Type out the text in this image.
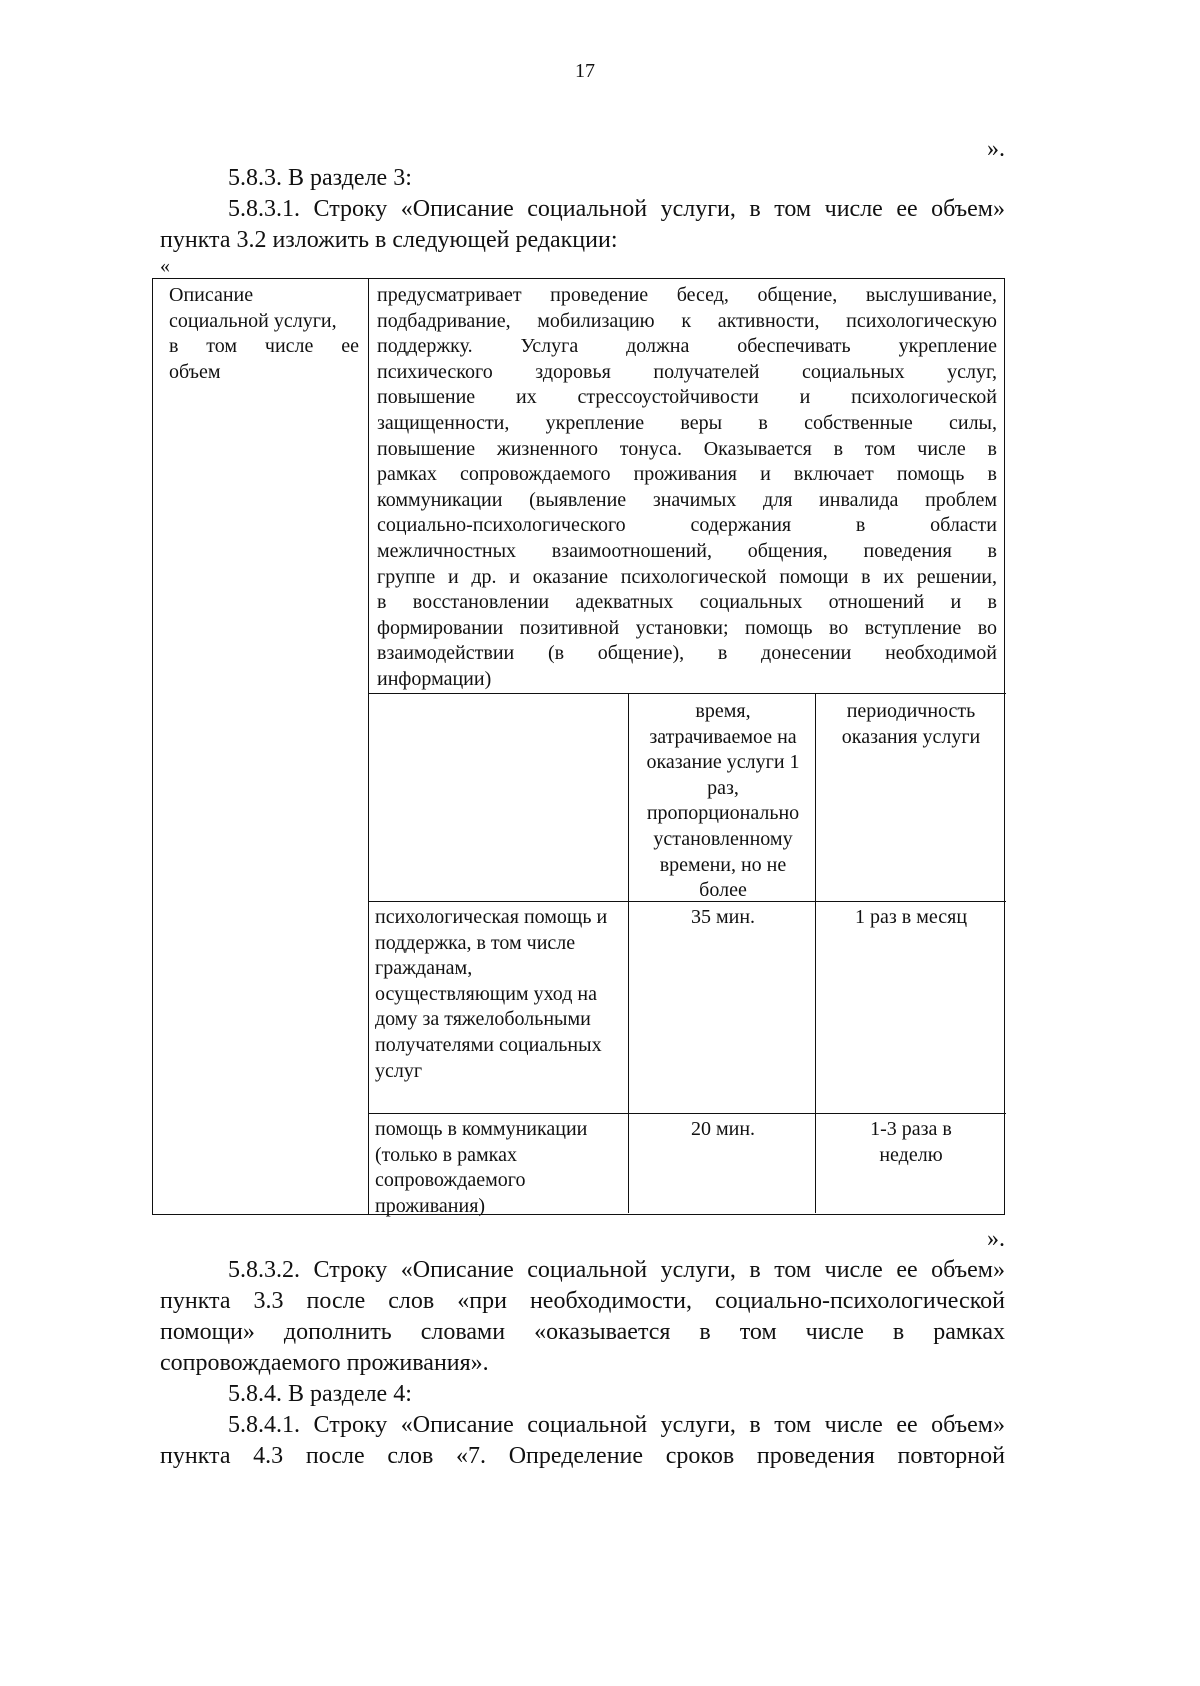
17
».
5.8.3. В разделе 3:
5.8.3.1. Строку «Описание социальной услуги, в том числе ее объем»
пункта 3.2 изложить в следующей редакции:
«
Описание
социальной услуги,
в том числе ее
объем
предусматривает проведение бесед, общение, выслушивание,
подбадривание, мобилизацию к активности, психологическую
поддержку. Услуга должна обеспечивать укрепление
психического здоровья получателей социальных услуг,
повышение их стрессоустойчивости и психологической
защищенности, укрепление веры в собственные силы,
повышение жизненного тонуса. Оказывается в том числе в
рамках сопровождаемого проживания и включает помощь в
коммуникации (выявление значимых для инвалида проблем
социально-психологического содержания в области
межличностных взаимоотношений, общения, поведения в
группе и др. и оказание психологической помощи в их решении,
в восстановлении адекватных социальных отношений и в
формировании позитивной установки; помощь во вступление во
взаимодействии (в общение), в донесении необходимой
информации)
время, затрачиваемое на оказание услуги 1 раз, пропорционально установленному времени, но не более
периодичность оказания услуги
психологическая помощь и поддержка, в том числе гражданам, осуществляющим уход на дому за тяжелобольными получателями социальных услуг
35 мин.	1 раз в месяц
помощь в коммуникации (только в рамках сопровождаемого проживания)
20 мин.	1-3 раза в неделю
».
5.8.3.2. Строку «Описание социальной услуги, в том числе ее объем»
пункта 3.3 после слов «при необходимости, социально-психологической
помощи» дополнить словами «оказывается в том числе в рамках
сопровождаемого проживания».
5.8.4. В разделе 4:
5.8.4.1. Строку «Описание социальной услуги, в том числе ее объем»
пункта 4.3 после слов «7. Определение сроков проведения повторной
